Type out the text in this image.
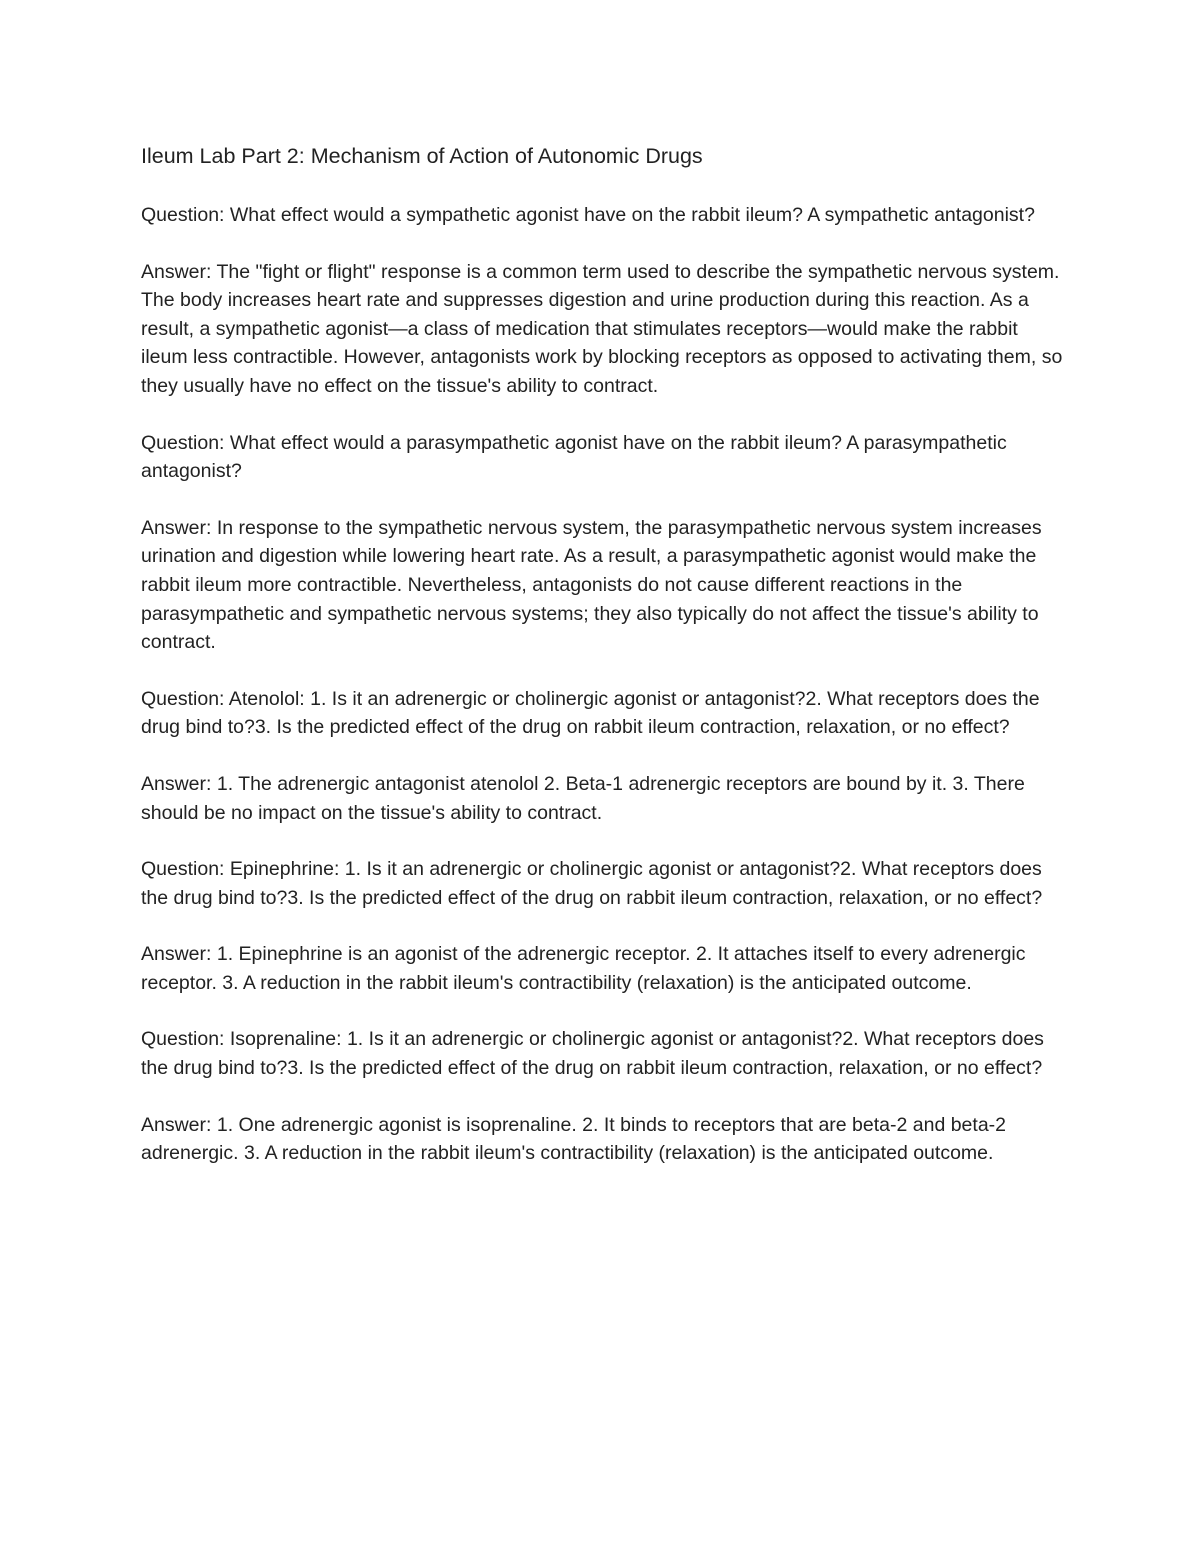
Ileum Lab Part 2: Mechanism of Action of Autonomic Drugs

Question: What effect would a sympathetic agonist have on the rabbit ileum? A sympathetic antagonist?

Answer: The "fight or flight" response is a common term used to describe the sympathetic nervous system. The body increases heart rate and suppresses digestion and urine production during this reaction. As a result, a sympathetic agonist—a class of medication that stimulates receptors—would make the rabbit ileum less contractible. However, antagonists work by blocking receptors as opposed to activating them, so they usually have no effect on the tissue's ability to contract.

Question: What effect would a parasympathetic agonist have on the rabbit ileum? A parasympathetic antagonist?

Answer: In response to the sympathetic nervous system, the parasympathetic nervous system increases urination and digestion while lowering heart rate. As a result, a parasympathetic agonist would make the rabbit ileum more contractible. Nevertheless, antagonists do not cause different reactions in the parasympathetic and sympathetic nervous systems; they also typically do not affect the tissue's ability to contract.

Question: Atenolol: 1. Is it an adrenergic or cholinergic agonist or antagonist?2. What receptors does the drug bind to?3. Is the predicted effect of the drug on rabbit ileum contraction, relaxation, or no effect?

Answer: 1. The adrenergic antagonist atenolol 2. Beta-1 adrenergic receptors are bound by it. 3. There should be no impact on the tissue's ability to contract.

Question: Epinephrine: 1. Is it an adrenergic or cholinergic agonist or antagonist?2. What receptors does the drug bind to?3. Is the predicted effect of the drug on rabbit ileum contraction, relaxation, or no effect?

Answer: 1. Epinephrine is an agonist of the adrenergic receptor. 2. It attaches itself to every adrenergic receptor. 3. A reduction in the rabbit ileum's contractibility (relaxation) is the anticipated outcome.

Question: Isoprenaline: 1. Is it an adrenergic or cholinergic agonist or antagonist?2. What receptors does the drug bind to?3. Is the predicted effect of the drug on rabbit ileum contraction, relaxation, or no effect?

Answer: 1. One adrenergic agonist is isoprenaline. 2. It binds to receptors that are beta-2 and beta-2 adrenergic. 3. A reduction in the rabbit ileum's contractibility (relaxation) is the anticipated outcome.
